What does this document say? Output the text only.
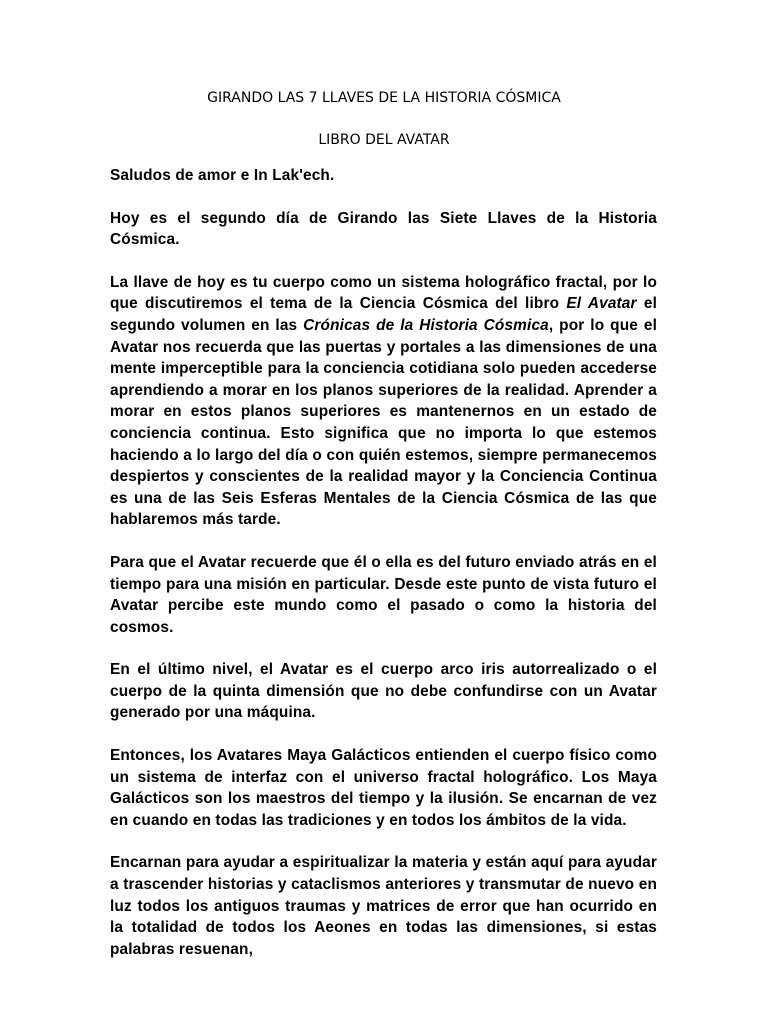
GIRANDO LAS 7 LLAVES DE LA HISTORIA CÓSMICA
LIBRO DEL AVATAR

Saludos de amor e In Lak'ech.

Hoy es el segundo día de Girando las Siete Llaves de la Historia Cósmica.

La llave de hoy es tu cuerpo como un sistema holográfico fractal, por lo que discutiremos el tema de la Ciencia Cósmica del libro El Avatar el segundo volumen en las Crónicas de la Historia Cósmica, por lo que el Avatar nos recuerda que las puertas y portales a las dimensiones de una mente imperceptible para la conciencia cotidiana solo pueden accederse aprendiendo a morar en los planos superiores de la realidad. Aprender a morar en estos planos superiores es mantenernos en un estado de conciencia continua. Esto significa que no importa lo que estemos haciendo a lo largo del día o con quién estemos, siempre permanecemos despiertos y conscientes de la realidad mayor y la Conciencia Continua es una de las Seis Esferas Mentales de la Ciencia Cósmica de las que hablaremos más tarde.

Para que el Avatar recuerde que él o ella es del futuro enviado atrás en el tiempo para una misión en particular. Desde este punto de vista futuro el Avatar percibe este mundo como el pasado o como la historia del cosmos.

En el último nivel, el Avatar es el cuerpo arco iris autorrealizado o el cuerpo de la quinta dimensión que no debe confundirse con un Avatar generado por una máquina.

Entonces, los Avatares Maya Galácticos entienden el cuerpo físico como un sistema de interfaz con el universo fractal holográfico. Los Maya Galácticos son los maestros del tiempo y la ilusión. Se encarnan de vez en cuando en todas las tradiciones y en todos los ámbitos de la vida.

Encarnan para ayudar a espiritualizar la materia y están aquí para ayudar a trascender historias y cataclismos anteriores y transmutar de nuevo en luz todos los antiguos traumas y matrices de error que han ocurrido en la totalidad de todos los Aeones en todas las dimensiones, si estas palabras resuenan,
